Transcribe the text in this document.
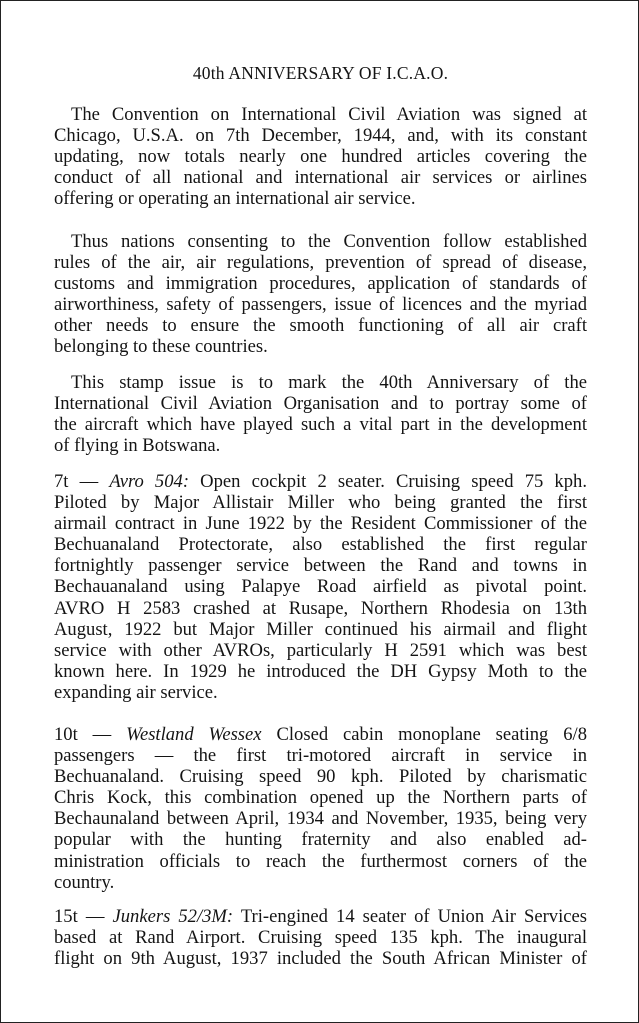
40th ANNIVERSARY OF I.C.A.O.
The Convention on International Civil Aviation was signed at
Chicago, U.S.A. on 7th December, 1944, and, with its constant
updating, now totals nearly one hundred articles covering the
conduct of all national and international air services or airlines
offering or operating an international air service.
Thus nations consenting to the Convention follow established
rules of the air, air regulations, prevention of spread of disease,
customs and immigration procedures, application of standards of
airworthiness, safety of passengers, issue of licences and the myriad
other needs to ensure the smooth functioning of all air craft
belonging to these countries.
This stamp issue is to mark the 40th Anniversary of the
International Civil Aviation Organisation and to portray some of
the aircraft which have played such a vital part in the development
of flying in Botswana.
7t — Avro 504: Open cockpit 2 seater. Cruising speed 75 kph.
Piloted by Major Allistair Miller who being granted the first
airmail contract in June 1922 by the Resident Commissioner of the
Bechuanaland Protectorate, also established the first regular
fortnightly passenger service between the Rand and towns in
Bechauanaland using Palapye Road airfield as pivotal point.
AVRO H 2583 crashed at Rusape, Northern Rhodesia on 13th
August, 1922 but Major Miller continued his airmail and flight
service with other AVROs, particularly H 2591 which was best
known here. In 1929 he introduced the DH Gypsy Moth to the
expanding air service.
10t — Westland Wessex Closed cabin monoplane seating 6/8
passengers — the first tri-motored aircraft in service in
Bechuanaland. Cruising speed 90 kph. Piloted by charismatic
Chris Kock, this combination opened up the Northern parts of
Bechaunaland between April, 1934 and November, 1935, being very
popular with the hunting fraternity and also enabled ad-
ministration officials to reach the furthermost corners of the
country.
15t — Junkers 52/3M: Tri-engined 14 seater of Union Air Services
based at Rand Airport. Cruising speed 135 kph. The inaugural
flight on 9th August, 1937 included the South African Minister of
